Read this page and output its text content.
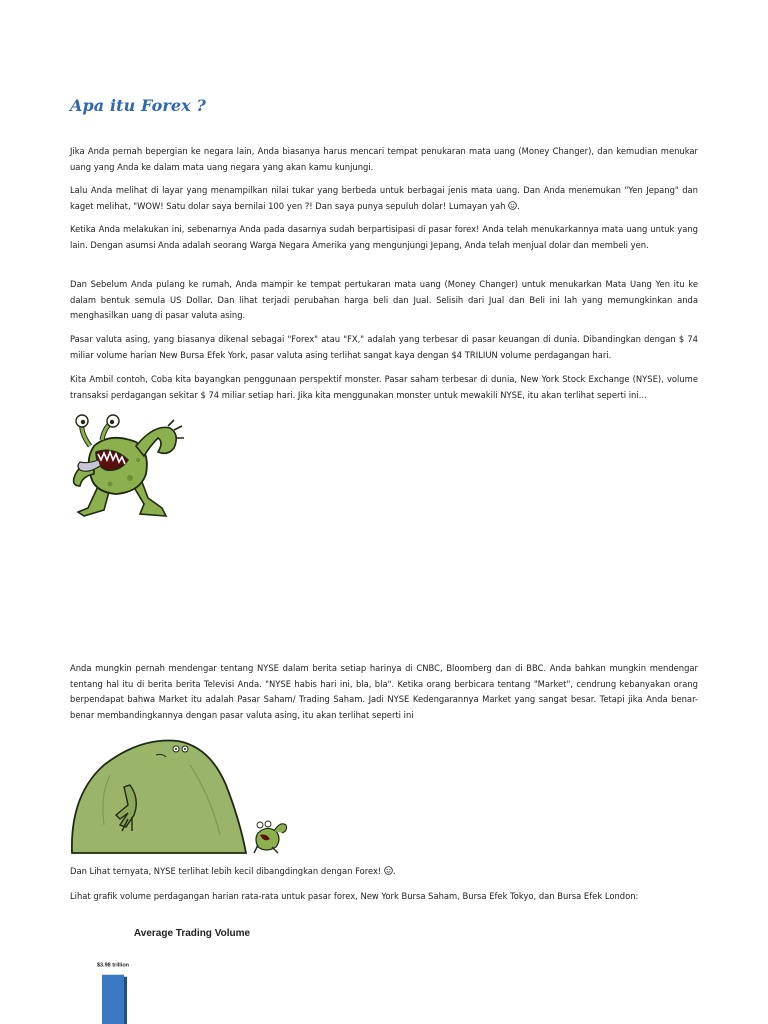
Apa itu Forex ?

Jika Anda pernah bepergian ke negara lain, Anda biasanya harus mencari tempat penukaran mata uang (Money Changer), dan kemudian menukar uang yang Anda ke dalam mata uang negara yang akan kamu kunjungi.

Lalu Anda melihat di layar yang menampilkan nilai tukar yang berbeda untuk berbagai jenis mata uang. Dan Anda menemukan "Yen Jepang" dan kaget melihat, "WOW! Satu dolar saya bernilai 100 yen ?! Dan saya punya sepuluh dolar! Lumayan yah .

Ketika Anda melakukan ini, sebenarnya Anda pada dasarnya sudah berpartisipasi di pasar forex! Anda telah menukarkannya mata uang untuk yang lain. Dengan asumsi Anda adalah seorang Warga Negara Amerika yang mengunjungi Jepang, Anda telah menjual dolar dan membeli yen.

Dan Sebelum Anda pulang ke rumah, Anda mampir ke tempat pertukaran mata uang (Money Changer) untuk menukarkan Mata Uang Yen itu ke dalam bentuk semula US Dollar. Dan lihat terjadi perubahan harga beli dan Jual. Selisih dari Jual dan Beli ini lah yang memungkinkan anda menghasilkan uang di pasar valuta asing.

Pasar valuta asing, yang biasanya dikenal sebagai "Forex" atau "FX," adalah yang terbesar di pasar keuangan di dunia. Dibandingkan dengan $ 74 miliar volume harian New Bursa Efek York, pasar valuta asing terlihat sangat kaya dengan $4 TRILIUN volume perdagangan hari.

Kita Ambil contoh, Coba kita bayangkan penggunaan perspektif monster. Pasar saham terbesar di dunia, New York Stock Exchange (NYSE), volume transaksi perdagangan sekitar $ 74 miliar setiap hari. Jika kita menggunakan monster untuk mewakili NYSE, itu akan terlihat seperti ini...

Anda mungkin pernah mendengar tentang NYSE dalam berita setiap harinya di CNBC, Bloomberg dan di BBC. Anda bahkan mungkin mendengar tentang hal itu di berita berita Televisi Anda. "NYSE habis hari ini, bla, bla". Ketika orang berbicara tentang "Market", cendrung kebanyakan orang berpendapat bahwa Market itu adalah Pasar Saham/ Trading Saham. Jadi NYSE Kedengarannya Market yang sangat besar. Tetapi jika Anda benar-benar membandingkannya dengan pasar valuta asing, itu akan terlihat seperti ini

Dan Lihat ternyata, NYSE terlihat lebih kecil dibangdingkan dengan Forex! .

Lihat grafik volume perdagangan harian rata-rata untuk pasar forex, New York Bursa Saham, Bursa Efek Tokyo, dan Bursa Efek London:

Average Trading Volume
$3.98 trillion
